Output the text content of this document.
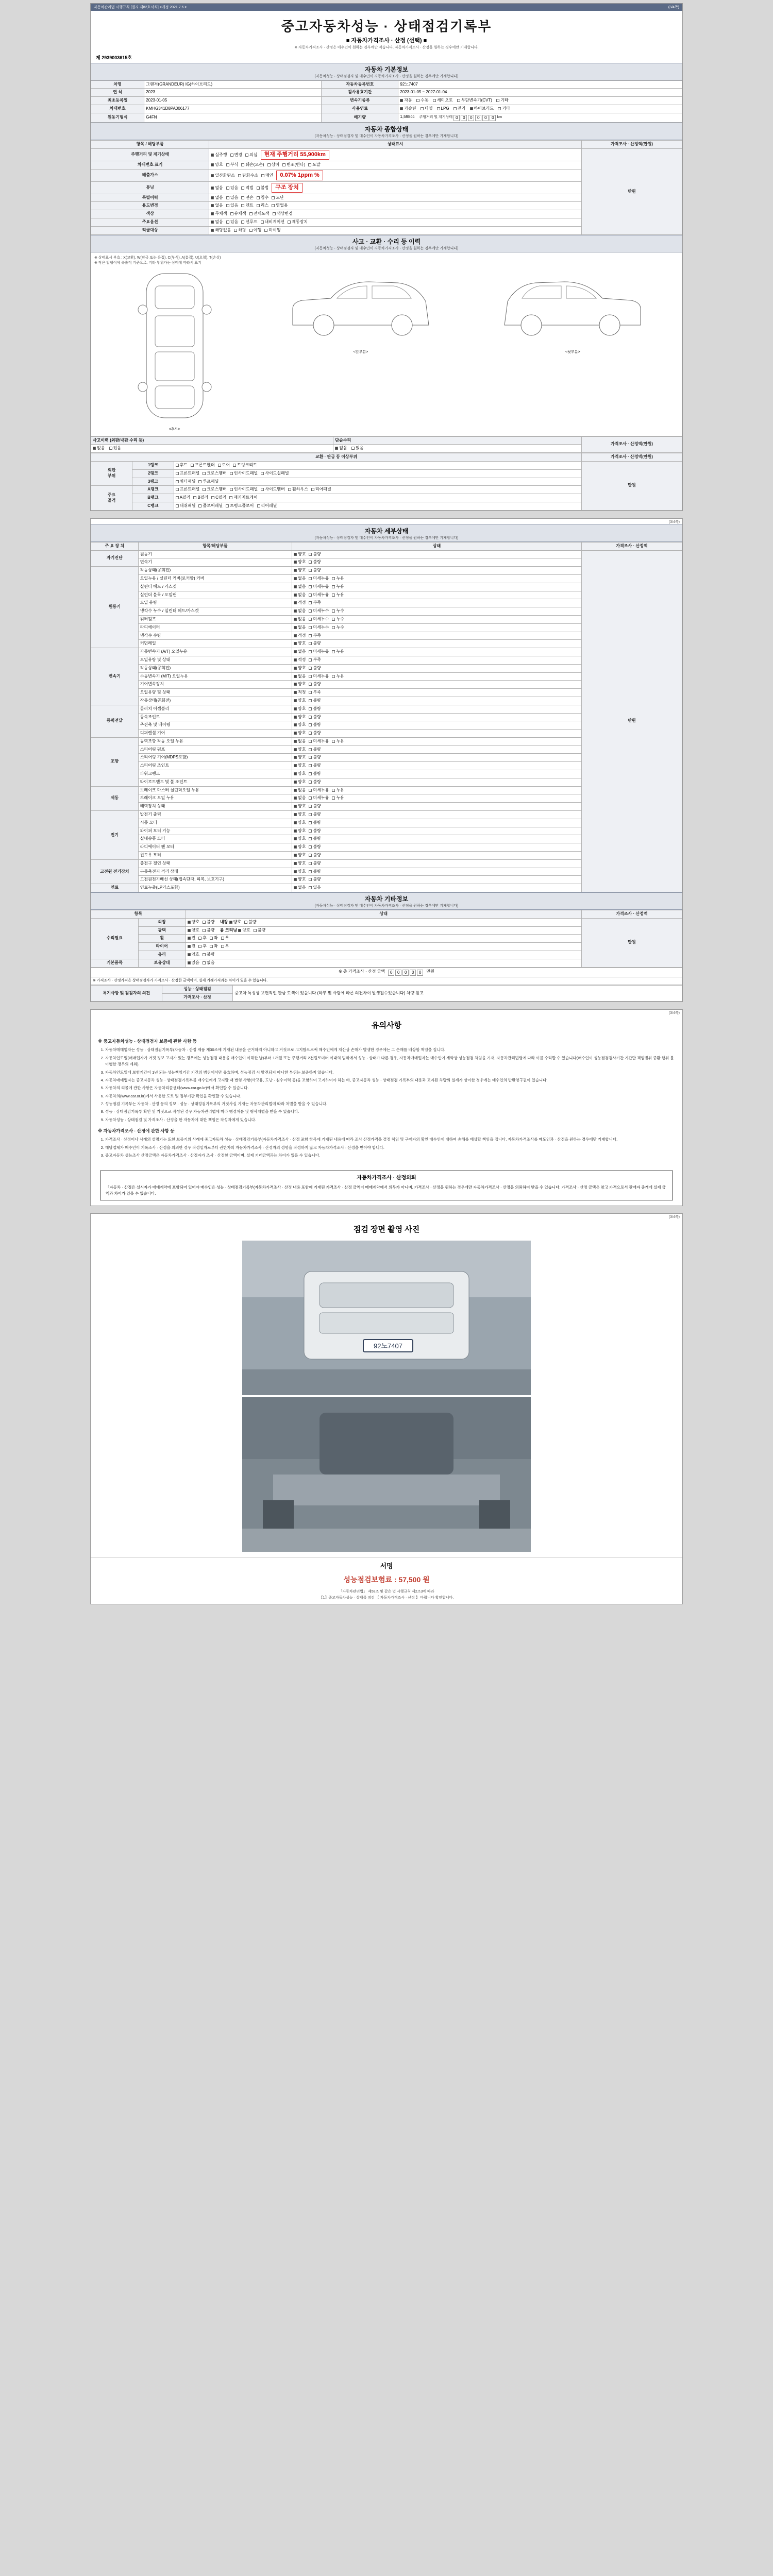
자동차관리법 시행규칙 [별지 제82호서식] <개정 2021.7.6.>	(3/4쪽)
중고자동차성능 · 상태점검기록부
■ 자동차가격조사 · 산정 (선택) ■
※ 자동차가격조사 · 산정은 매수인이 원하는 경우에만 적습니다. 자동차가격조사 · 산정을 원하는 경우에만 기재합니다.
제 2939003615호
자동차 기본정보
(자동차성능 · 상태점검자 및 매수인이 자동차가격조사 · 산정을 원하는 경우에만 기재합니다)
차명	그랜저(GRANDEUR) IG(하이브리드)	자동차등록번호	92노7407
연 식	2023	검사유효기간	2023-01-05 ~ 2027-01-04
최초등록일	2023-01-05	변속기종류	자동 수동 세미오토 무단변속기(CVT) 기타
차대번호	KMHG341D8PA006177	사용연료	가솔린 디젤 LPG 전기 하이브리드 기타
원동기형식	G4FN	배기량	1,598cc 주행거리 및 계기상태 0	0	0	0	0	0 km
자동차 종합상태
(자동차성능 · 상태점검자 및 매수인이 자동차가격조사 · 산정을 원하는 경우에만 기재합니다)
항목 / 해당부품	상태표시	가격조사 · 산정액(만원)
주행거리 및 계기상태	실주행 변경 의심 현재 주행거리 55,900km	만원
차대번호 표기	양호 부식 훼손(오손) 상이 변조(변타) 도말	
배출가스	일산화탄소 탄화수소 매연 0.07% 1ppm %	
튜닝	없음 있음 적법 불법 구조 장치	
특별이력	없음 있음 전손 침수 도난	
용도변경	없음 있음 렌트 리스 영업용	
색상	무채색 유채색 전체도색 색상변경	
주요옵션	없음 있음 선루프 내비게이션 제동장치	
리콜대상	해당없음 해당 이행 미이행	
사고 · 교환 · 수리 등 이력
(자동차성능 · 상태점검자 및 매수인이 자동차가격조사 · 산정을 원하는 경우에만 기재합니다)
※ 상태표시 부호 : X(교환), W(판금 또는 용접), C(부식), A(흠집), U(요철), T(손상)
※ 작은 달팽이에 속출적 기준으로, 기타 부위가는 상태에 따라서 표기
<후드>
<앞부분>	<뒷부분>
사고이력 (외판/내판 수리 등)	단순수리	가격조사 · 산정액(만원)
없음 있음	없음 있음	
교환 · 판금 등 이상부위			가격조사 · 산정액(만원)
외판
부위	1랭크	후드 프론트휀더 도어 트렁크리드	만원
	2랭크	프론트패널 크로스멤버 인사이드패널 사이드실패널	
	3랭크	쿼터패널 루프패널	
주요
골격	A랭크	프론트패널 크로스멤버 인사이드패널 사이드멤버 휠하우스 리어패널	
	B랭크	A필러 B필러 C필러 패키지트레이	
	C랭크	대쉬패널 플로어패널 트렁크플로어 리어패널	
(3/4쪽)
자동차 세부상태
(자동차성능 · 상태점검자 및 매수인이 자동차가격조사 · 산정을 원하는 경우에만 기재합니다)
주 요 장 치	항목/해당부품	상태	가격조사 · 산정액
자기진단	원동기	양호 불량	만원
	변속기	양호 불량	
원동기	작동상태(공회전)	양호 불량	
	오일누유 / 실린더 커버(로커암) 커버	없음 미세누유 누유	
	실린더 헤드 / 가스켓	없음 미세누유 누유	
	실린더 블록 / 오일팬	없음 미세누유 누유	
	오일 유량	적정 부족	
	냉각수 누수 / 실린더 헤드/가스켓	없음 미세누수 누수	
	워터펌프	없음 미세누수 누수	
	라디에이터	없음 미세누수 누수	
	냉각수 수량	적정 부족	
	커먼레일	양호 불량	
변속기	자동변속기 (A/T) 오일누유	없음 미세누유 누유	
	오일유량 및 상태	적정 부족	
	작동상태(공회전)	양호 불량	
	수동변속기 (M/T) 오일누유	없음 미세누유 누유	
	기어변속장치	양호 불량	
	오일유량 및 상태	적정 부족	
	작동상태(공회전)	양호 불량	
동력전달	클러치 어셈블리	양호 불량	
	등속조인트	양호 불량	
	추진축 및 베어링	양호 불량	
	디퍼렌셜 기어	양호 불량	
조향	동력조향 작동 오일 누유	없음 미세누유 누유	
	스티어링 펌프	양호 불량	
	스티어링 기어(MDPS포함)	양호 불량	
	스티어링 조인트	양호 불량	
	파워크랭크	양호 불량	
	타이로드엔드 및 볼 조인트	양호 불량	
제동	브레이크 마스터 실린더오일 누유	없음 미세누유 누유	
	브레이크 오일 누유	없음 미세누유 누유	
	배력장치 상태	양호 불량	
전기	발전기 출력	양호 불량	
	시동 모터	양호 불량	
	와이퍼 모터 기능	양호 불량	
	실내송풍 모터	양호 불량	
	라디에이터 팬 모터	양호 불량	
	윈도우 모터	양호 불량	
고전원 전기장치	충전구 절연 상태	양호 불량	
	구동축전지 격리 상태	양호 불량	
	고전원전기배선 상태(접속단자, 피복, 보호기구)	양호 불량	
연료	연료누출(LP가스포함)	없음 있음	
자동차 기타정보
(자동차성능 · 상태점검자 및 매수인이 자동차가격조사 · 산정을 원하는 경우에만 기재합니다)
항목		상태	가격조사 · 산정액
수리필요	외장	양호 불량 내장 양호 불량	만원
	광택	양호 불량 룸 크리닝 양호 불량	
	휠	전 후 좌 우	
	타이어	전 후 좌 우	
	유리	양호 불량	
기본품목	보유상태	있음 없음	
※ 총 가격조사 · 산정 금액	0	0	0	0	0	만원
※ 가격조사 · 산정가격은 상태점검자가 가격조사 · 산정한 금액이며, 실제 거래가격과는 차이가 있을 수 있습니다.
특기사항 및 점검자의 의견	성능 · 상태점검	중고차 특성상 보편적인 판금 도색이 있을니다 (하부 및 사람에 따른 의견차이 발생될수있습니다) 차량 참고
가격조사 · 산정
(3/4쪽)
유의사항
※ 중고자동차성능 · 상태점검자 보증에 관한 사항 등
1. 자동차매매업자는 성능 · 상태점검기록부(자동차 · 산정 제품 제30조에 기재된 내용을 근거하지 아니하고 거짓으로 고지함으로써 매수인에게 재산상 손해가 발생한 경우에는 그 손해를 배상할 책임을 집니다.
2. 자동차인도일(매매업자가 거짓 정보 고지가 있는 경우에는 성능점검 내용을 매수인이 이해한 날)부터 1개월 또는 주행거리 2천킬로미터 이내의 범위에서 성능 · 상태가 다른 경우, 자동차매매업자는 매수인이 계약상 성능점검 책임을 기재, 자동차관리법령에 따라 이를 수리할 수 있습니다(매수인이 성능점검검사기간 기간만 책임범위 중환 행위 불이행한 경우의 예외).
3. 자동차인도일에 보험기간이 1년 되는 성능책임기간 기간의 범위에서만 유효하며, 성능점검 시 발견되지 아니한 부위는 보증하지 않습니다.
4. 자동차매매업자는 중고자동차 성능 · 상태점검기록부를 매수인에게 고지할 때 변형 사항(사고유, 도난 · 침수이력 등)을 포함하여 고지하여야 하는 바, 중고자동차 성능 · 상태점검 기록부의 내용과 고지된 차량의 실제가 상이한 경우에는 매수인의 반환청구권이 있습니다.
5. 자동차의 리콜에 관한 사항은 자동차리콜센터(www.car.go.kr)에서 확인할 수 있습니다.
6. 자동차의(www.car.or.kr)에서 사용한 도로 및 정부기관 확인을 확인할 수 있습니다.
7. 성능점검 기록부는 자동차 · 산정 등의 정보 · 성능 · 상태정검기록부의 거짓사실 기재는 자동차관리법에 따라 처벌을 받을 수 있습니다.
8. 성능 · 상태점검기록부 확인 및 거짓으로 작성된 경우 자동차관리법에 따라 행정처분 및 형사처벌을 받을 수 있습니다.
9. 자동차성능 · 상태점검 및 가격조사 · 산정을 한 자동차에 대한 책임은 작성자에게 있습니다.
※ 자동차가격조사 · 산정에 관한 사항 등
1. 가격조사 · 산정이나 사례의 설명기는 또한 보증기의 사례에 중고자동차 성능 · 상태점검기록부(자동차가격조사 · 산정 포함 항목에 기재된 내용에 따라 조사 산정가격을 결정 책임 및 구매자의 확인 매수인에 대하여 손해를 배상할 책임을 집니다. 자동차가격조사를 매도인과 · 산정을 원하는 경우에만 기재합니다.
2. 해당업체가 매수인이 기록조사 · 산정을 의뢰한 경우 작성일자로부터 권한자의 자동차가격조사 · 산정자의 성명을 작성하지 않고 자동차가격조사 · 산정을 받아야 합니다.
3. 중고자동차 성능조사 산정금액은 자동차가격조사 · 산정자가 조사 · 산정한 금액이며, 실제 거래금액과는 차이가 있을 수 있습니다.
자동차가격조사 · 산정의뢰
「자동차 · 산정은 실시자가 매매계약에 포함되어 있어야 매수인은 성능 · 상태점검기록부(자동차가격조사 · 산정 내용 포함에 기재된 가격조사 · 산정 금액이 매매계약에서 의무가 아니며, 가격조사 · 산정을 원하는 경우에만 자동차가격조사 · 산정을 의뢰하여 받을 수 있습니다. 가격조사 · 산정 금액은 참고 가격으로서 판매자 중개에 실제 금액과 차이가 있을 수 있습니다.
(3/4쪽)
점검 장면 촬영 사진
92노7407
서명
성능점검보험료 : 57,500 원
「자동차관리법」 제58조 및 같은 법 시행규칙 제2조3에 따라
【1】중고자동차성능 · 상태를 점검 【 자동차가격조사 · 산정 】 바랍니다 확인합니다.
